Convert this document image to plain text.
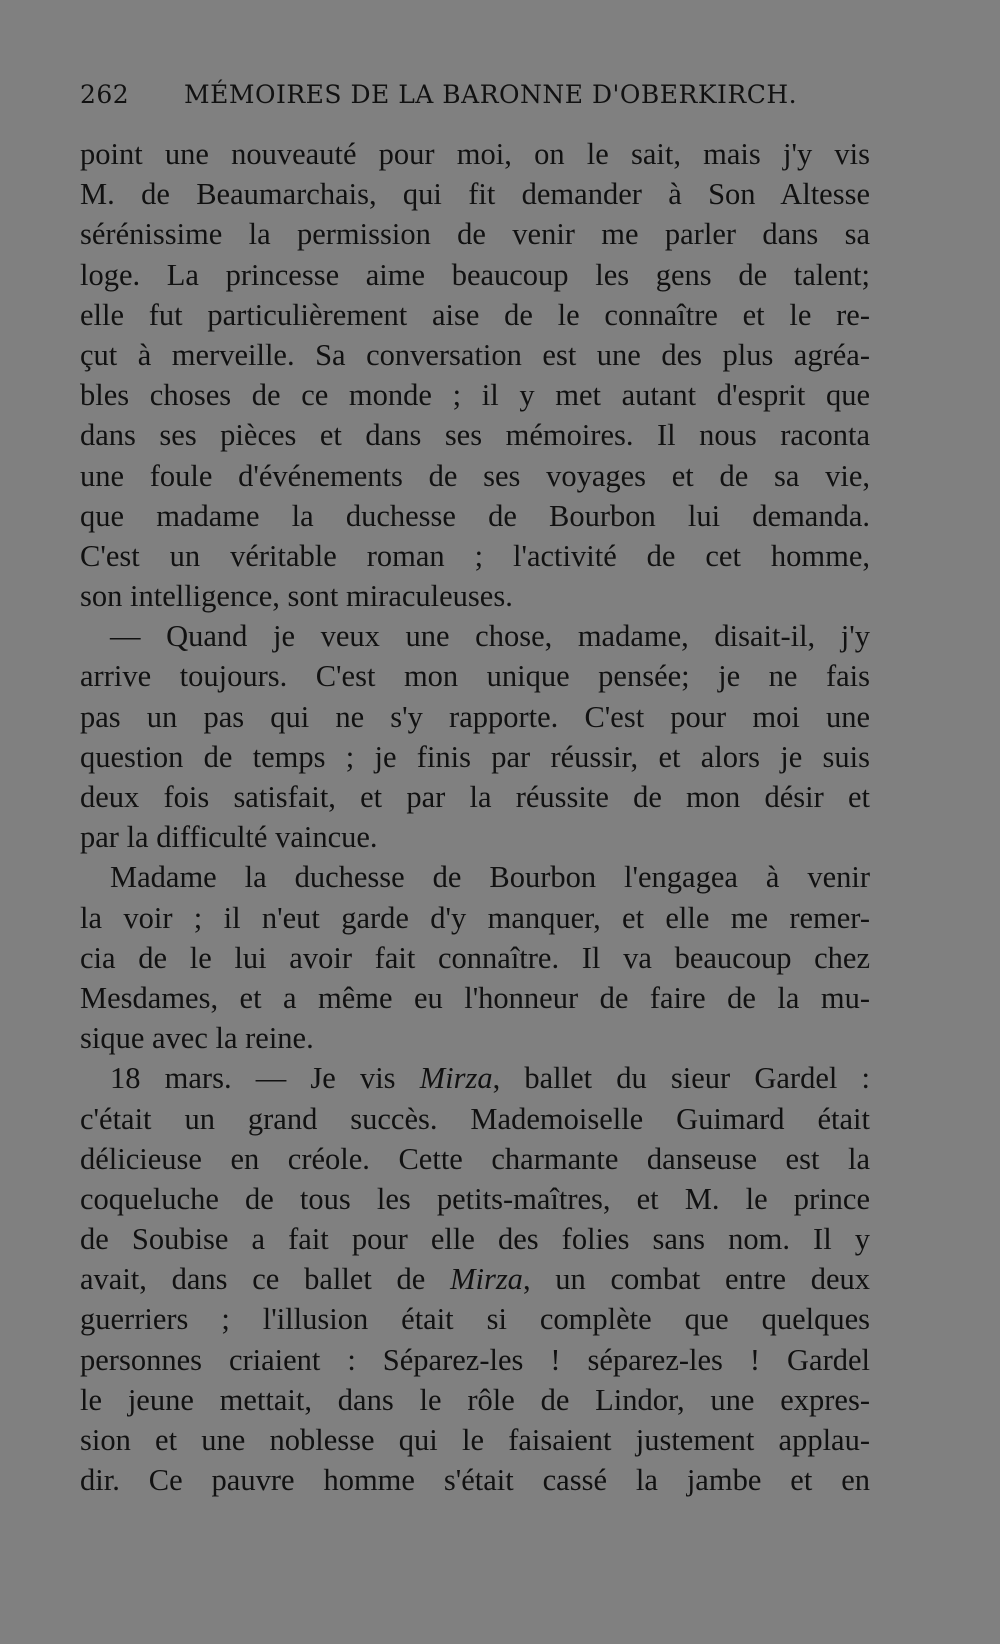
262 MÉMOIRES DE LA BARONNE D'OBERKIRCH.
point une nouveauté pour moi, on le sait, mais j'y vis
M. de Beaumarchais, qui fit demander à Son Altesse
sérénissime la permission de venir me parler dans sa
loge. La princesse aime beaucoup les gens de talent;
elle fut particulièrement aise de le connaître et le re-
çut à merveille. Sa conversation est une des plus agréa-
bles choses de ce monde ; il y met autant d'esprit que
dans ses pièces et dans ses mémoires. Il nous raconta
une foule d'événements de ses voyages et de sa vie,
que madame la duchesse de Bourbon lui demanda.
C'est un véritable roman ; l'activité de cet homme,
son intelligence, sont miraculeuses.
— Quand je veux une chose, madame, disait-il, j'y
arrive toujours. C'est mon unique pensée; je ne fais
pas un pas qui ne s'y rapporte. C'est pour moi une
question de temps ; je finis par réussir, et alors je suis
deux fois satisfait, et par la réussite de mon désir et
par la difficulté vaincue.
Madame la duchesse de Bourbon l'engagea à venir
la voir ; il n'eut garde d'y manquer, et elle me remer-
cia de le lui avoir fait connaître. Il va beaucoup chez
Mesdames, et a même eu l'honneur de faire de la mu-
sique avec la reine.
18 mars. — Je vis Mirza, ballet du sieur Gardel :
c'était un grand succès. Mademoiselle Guimard était
délicieuse en créole. Cette charmante danseuse est la
coqueluche de tous les petits-maîtres, et M. le prince
de Soubise a fait pour elle des folies sans nom. Il y
avait, dans ce ballet de Mirza, un combat entre deux
guerriers ; l'illusion était si complète que quelques
personnes criaient : Séparez-les ! séparez-les ! Gardel
le jeune mettait, dans le rôle de Lindor, une expres-
sion et une noblesse qui le faisaient justement applau-
dir. Ce pauvre homme s'était cassé la jambe et en
